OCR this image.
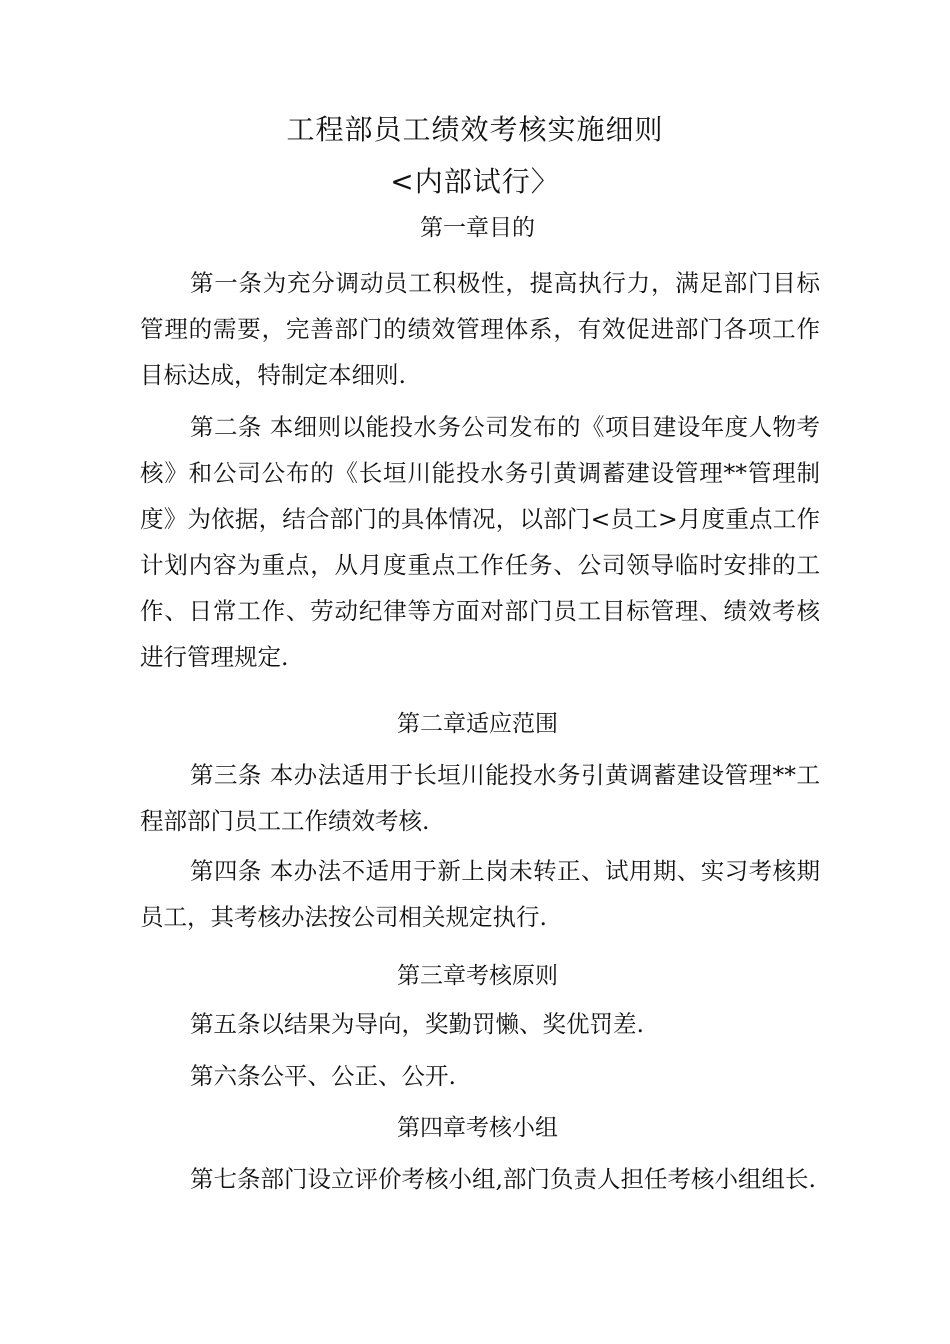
工程部员工绩效考核实施细则
<内部试行〉
第一章目的

第一条为充分调动员工积极性，提高执行力，满足部门目标管理的需要，完善部门的绩效管理体系，有效促进部门各项工作目标达成，特制定本细则.

第二条 本细则以能投水务公司发布的《项目建设年度人物考核》和公司公布的《长垣川能投水务引黄调蓄建设管理**管理制度》为依据，结合部门的具体情况，以部门<员工>月度重点工作计划内容为重点，从月度重点工作任务、公司领导临时安排的工作、日常工作、劳动纪律等方面对部门员工目标管理、绩效考核进行管理规定.

第二章适应范围

第三条 本办法适用于长垣川能投水务引黄调蓄建设管理**工程部部门员工工作绩效考核.

第四条 本办法不适用于新上岗未转正、试用期、实习考核期员工，其考核办法按公司相关规定执行.

第三章考核原则

第五条以结果为导向，奖勤罚懒、奖优罚差.

第六条公平、公正、公开.

第四章考核小组

第七条部门设立评价考核小组,部门负责人担任考核小组组长.
